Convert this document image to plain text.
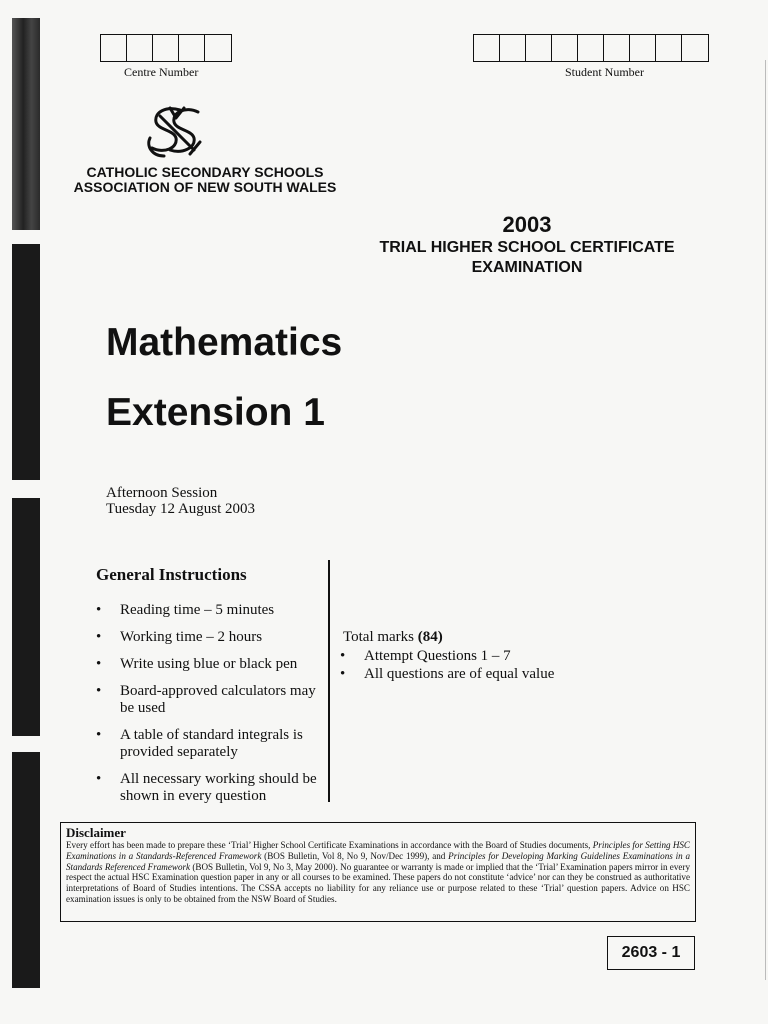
Centre Number	Student Number
CATHOLIC SECONDARY SCHOOLS
ASSOCIATION OF NEW SOUTH WALES
2003
TRIAL HIGHER SCHOOL CERTIFICATE
EXAMINATION
Mathematics
Extension 1
Afternoon Session
Tuesday 12 August 2003
General Instructions
• Reading time – 5 minutes
• Working time – 2 hours
• Write using blue or black pen
• Board-approved calculators may
be used
• A table of standard integrals is
provided separately
• All necessary working should be
shown in every question
Total marks (84)
• Attempt Questions 1 – 7
• All questions are of equal value
Disclaimer

Every effort has been made to prepare these ‘Trial’ Higher School Certificate Examinations in accordance with the Board of Studies documents, Principles for Setting HSC Examinations in a Standards-Referenced Framework (BOS Bulletin, Vol 8, No 9, Nov/Dec 1999), and Principles for Developing Marking Guidelines Examinations in a Standards Referenced Framework (BOS Bulletin, Vol 9, No 3, May 2000). No guarantee or warranty is made or implied that the ‘Trial’ Examination papers mirror in every respect the actual HSC Examination question paper in any or all courses to be examined. These papers do not constitute ‘advice’ nor can they be construed as authoritative interpretations of Board of Studies intentions. The CSSA accepts no liability for any reliance use or purpose related to these ‘Trial’ question papers. Advice on HSC examination issues is only to be obtained from the NSW Board of Studies.

2603 - 1
